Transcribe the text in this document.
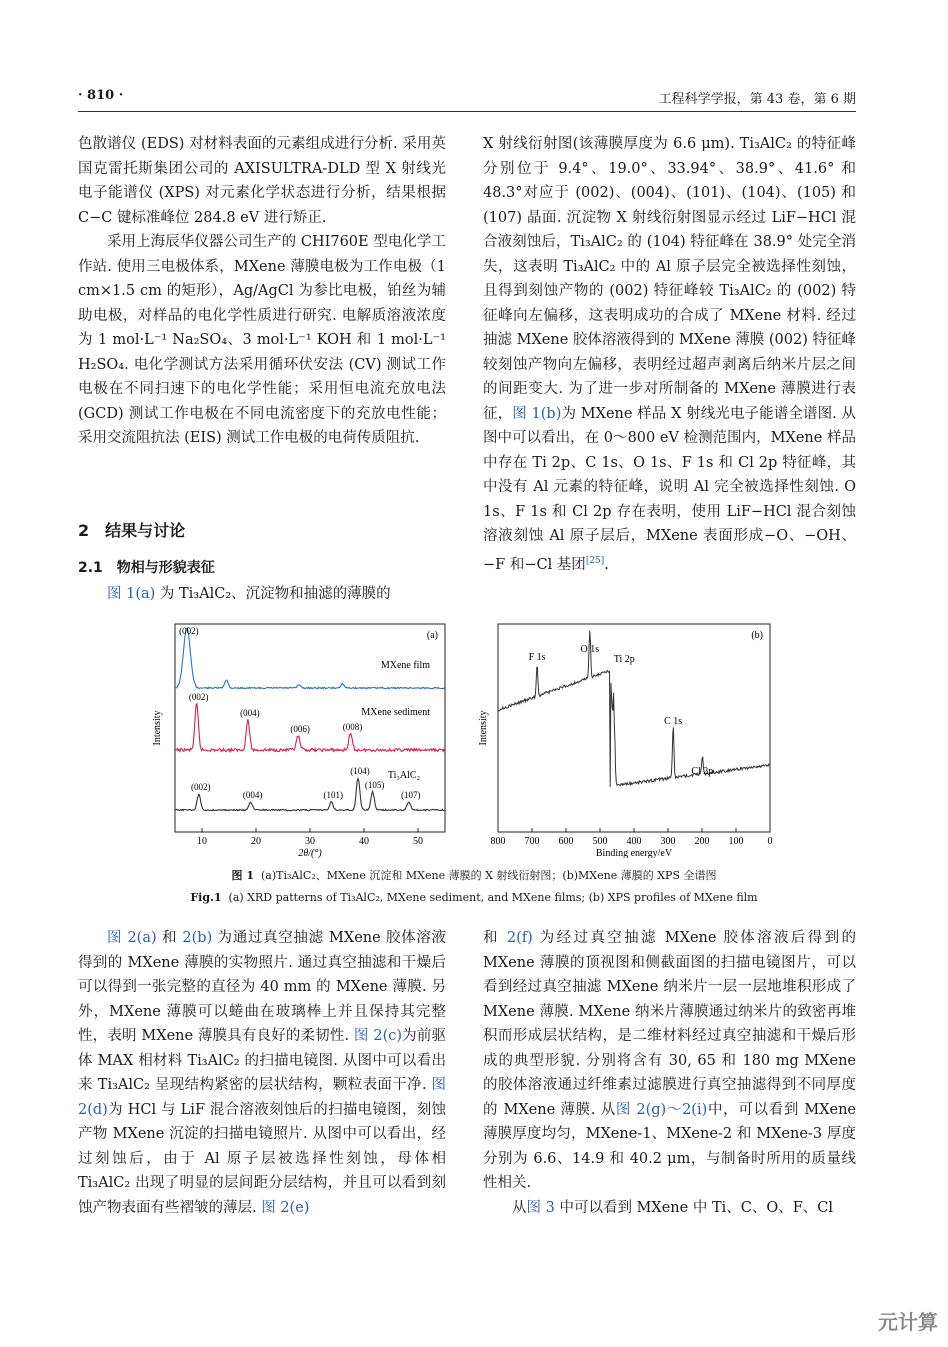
· 810 ·	工程科学学报，第 43 卷，第 6 期

色散谱仪 (EDS) 对材料表面的元素组成进行分析. 采用英国克雷托斯集团公司的 AXISULTRA-DLD 型 X 射线光电子能谱仪 (XPS) 对元素化学状态进行分析，结果根据 C−C 键标准峰位 284.8 eV 进行矫正.

采用上海辰华仪器公司生产的 CHI760E 型电化学工作站. 使用三电极体系，MXene 薄膜电极为工作电极（1 cm×1.5 cm 的矩形），Ag/AgCl 为参比电极，铂丝为辅助电极，对样品的电化学性质进行研究. 电解质溶液浓度为 1 mol·L⁻¹ Na₂SO₄、3 mol·L⁻¹ KOH 和 1 mol·L⁻¹ H₂SO₄. 电化学测试方法采用循环伏安法 (CV) 测试工作电极在不同扫速下的电化学性能；采用恒电流充放电法 (GCD) 测试工作电极在不同电流密度下的充放电性能；采用交流阻抗法 (EIS) 测试工作电极的电荷传质阻抗.

2　结果与讨论
2.1　物相与形貌表征

图 1(a) 为 Ti₃AlC₂、沉淀物和抽滤的薄膜的

X 射线衍射图(该薄膜厚度为 6.6 μm). Ti₃AlC₂ 的特征峰分别位于 9.4°、19.0°、33.94°、38.9°、41.6° 和 48.3°对应于 (002)、(004)、(101)、(104)、(105) 和 (107) 晶面. 沉淀物 X 射线衍射图显示经过 LiF−HCl 混合液刻蚀后，Ti₃AlC₂ 的 (104) 特征峰在 38.9° 处完全消失，这表明 Ti₃AlC₂ 中的 Al 原子层完全被选择性刻蚀，且得到刻蚀产物的 (002) 特征峰较 Ti₃AlC₂ 的 (002) 特征峰向左偏移，这表明成功的合成了 MXene 材料. 经过抽滤 MXene 胶体溶液得到的 MXene 薄膜 (002) 特征峰较刻蚀产物向左偏移，表明经过超声剥离后纳米片层之间的间距变大. 为了进一步对所制备的 MXene 薄膜进行表征，图 1(b)为 MXene 样品 X 射线光电子能谱全谱图. 从图中可以看出，在 0～800 eV 检测范围内，MXene 样品中存在 Ti 2p、C 1s、O 1s、F 1s 和 Cl 2p 特征峰，其中没有 Al 元素的特征峰，说明 Al 完全被选择性刻蚀. O 1s、F 1s 和 Cl 2p 存在表明，使用 LiF−HCl 混合刻蚀溶液刻蚀 Al 原子层后，MXene 表面形成−O、−OH、−F 和−Cl 基团[25].

10	20	30	40	50
2θ/(°)
Intensity
(a)
MXene film
(002)
MXene sediment
(002)
(004)
(006)	(008)
Ti₃AlC₂
(002)
(004)	(101)
(104)
(105)
(107)
800 700 600 500 400 300 200 100 0
Binding energy/eV
Intensity
(b)
F 1s
O 1s
Ti 2p
C 1s
Cl 2p
图 1 (a)Ti₃AlC₂、MXene 沉淀和 MXene 薄膜的 X 射线衍射图；(b)MXene 薄膜的 XPS 全谱图
Fig.1 (a) XRD patterns of Ti₃AlC₂, MXene sediment, and MXene films; (b) XPS profiles of MXene film

图 2(a) 和 2(b) 为通过真空抽滤 MXene 胶体溶液得到的 MXene 薄膜的实物照片. 通过真空抽滤和干燥后可以得到一张完整的直径为 40 mm 的 MXene 薄膜. 另外，MXene 薄膜可以蜷曲在玻璃棒上并且保持其完整性，表明 MXene 薄膜具有良好的柔韧性. 图 2(c)为前驱体 MAX 相材料 Ti₃AlC₂ 的扫描电镜图. 从图中可以看出来 Ti₃AlC₂ 呈现结构紧密的层状结构，颗粒表面干净. 图 2(d)为 HCl 与 LiF 混合溶液刻蚀后的扫描电镜图，刻蚀产物 MXene 沉淀的扫描电镜照片. 从图中可以看出，经过刻蚀后，由于 Al 原子层被选择性刻蚀，母体相 Ti₃AlC₂ 出现了明显的层间距分层结构，并且可以看到刻蚀产物表面有些褶皱的薄层. 图 2(e)

和 2(f) 为经过真空抽滤 MXene 胶体溶液后得到的 MXene 薄膜的顶视图和侧截面图的扫描电镜图片，可以看到经过真空抽滤 MXene 纳米片一层一层地堆积形成了 MXene 薄膜. MXene 纳米片薄膜通过纳米片的致密再堆积而形成层状结构，是二维材料经过真空抽滤和干燥后形成的典型形貌. 分别将含有 30, 65 和 180 mg MXene 的胶体溶液通过纤维素过滤膜进行真空抽滤得到不同厚度的 MXene 薄膜. 从图 2(g)～2(i)中，可以看到 MXene 薄膜厚度均匀，MXene-1、MXene-2 和 MXene-3 厚度分别为 6.6、14.9 和 40.2 μm，与制备时所用的质量线性相关.

从图 3 中可以看到 MXene 中 Ti、C、O、F、Cl

元计算
